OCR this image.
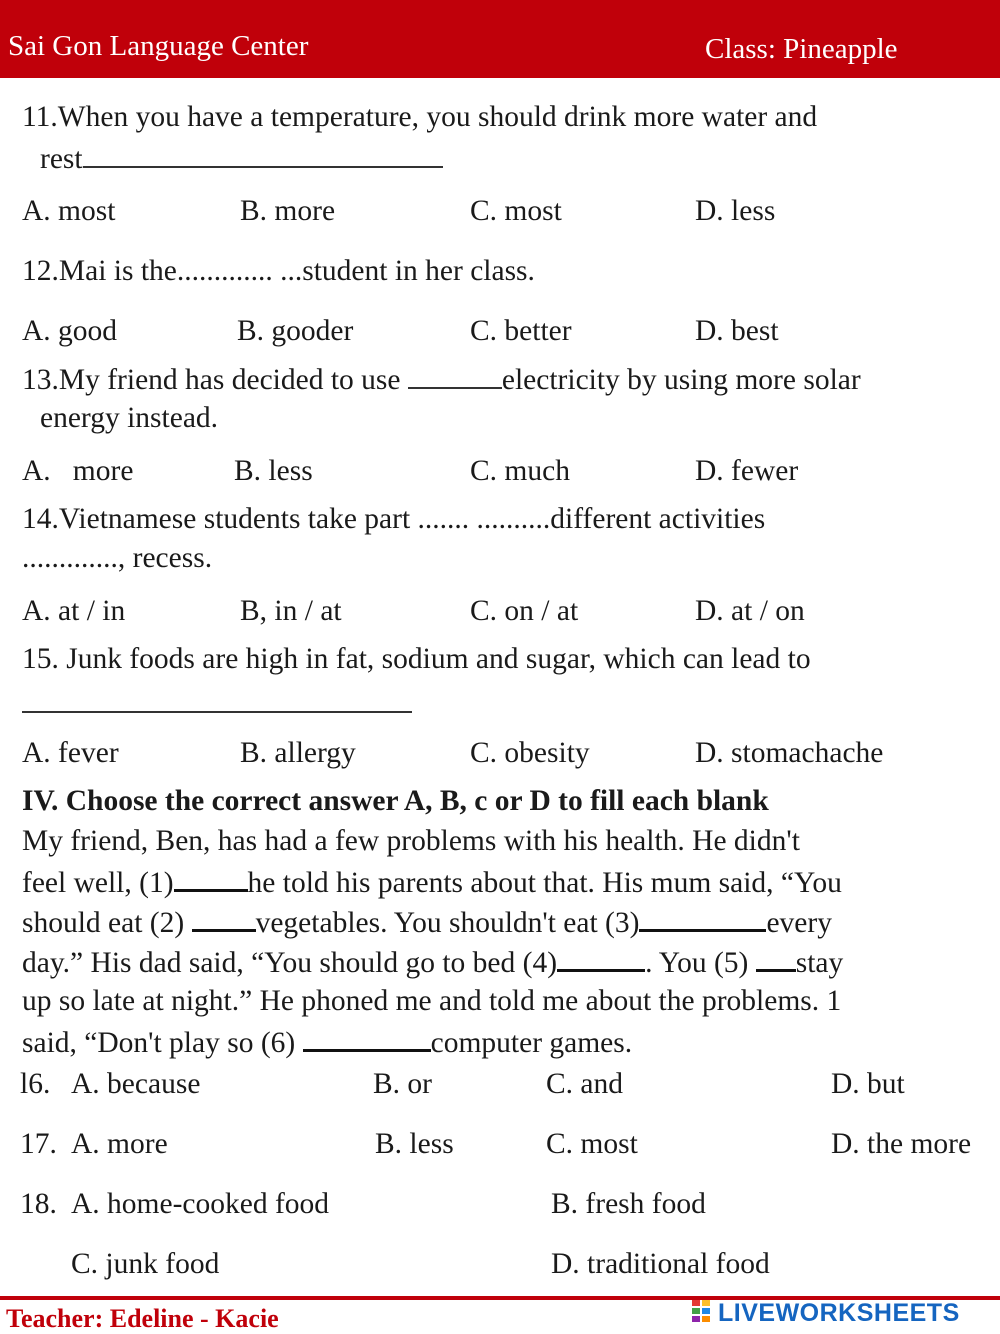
Sai Gon Language Center	Class: Pineapple
11.When you have a temperature, you should drink more water and
rest
A. most	B. more	C. most	D. less
12.Mai is the............. ...student in her class.
A. good	B. gooder	C. better	D. best
13.My friend has decided to use	electricity by using more solar
energy instead.
A.   more	B. less	C. much	D. fewer
14.Vietnamese students take part ....... ..........different activities
............., recess.
A. at / in	B, in / at	C. on / at	D. at / on
15. Junk foods are high in fat, sodium and sugar, which can lead to
A. fever	B. allergy	C. obesity	D. stomachache
IV. Choose the correct answer A, B, c or D to fill each blank
My friend, Ben, has had a few problems with his health. He didn't
feel well, (1)	he told his parents about that. His mum said, “You
should eat (2) vegetables. You shouldn't eat (3)	every
day.” His dad said, “You should go to bed (4)	. You (5) stay
up so late at night.” He phoned me and told me about the problems. 1
said, “Don't play so (6)	computer games.
l6. A. because	B. or	C. and	D. but
17. A. more	B. less	C. most	D. the more
18. A. home-cooked food	B. fresh food
C. junk food	D. traditional food
Teacher: Edeline - Kacie	LIVEWORKSHEETS
